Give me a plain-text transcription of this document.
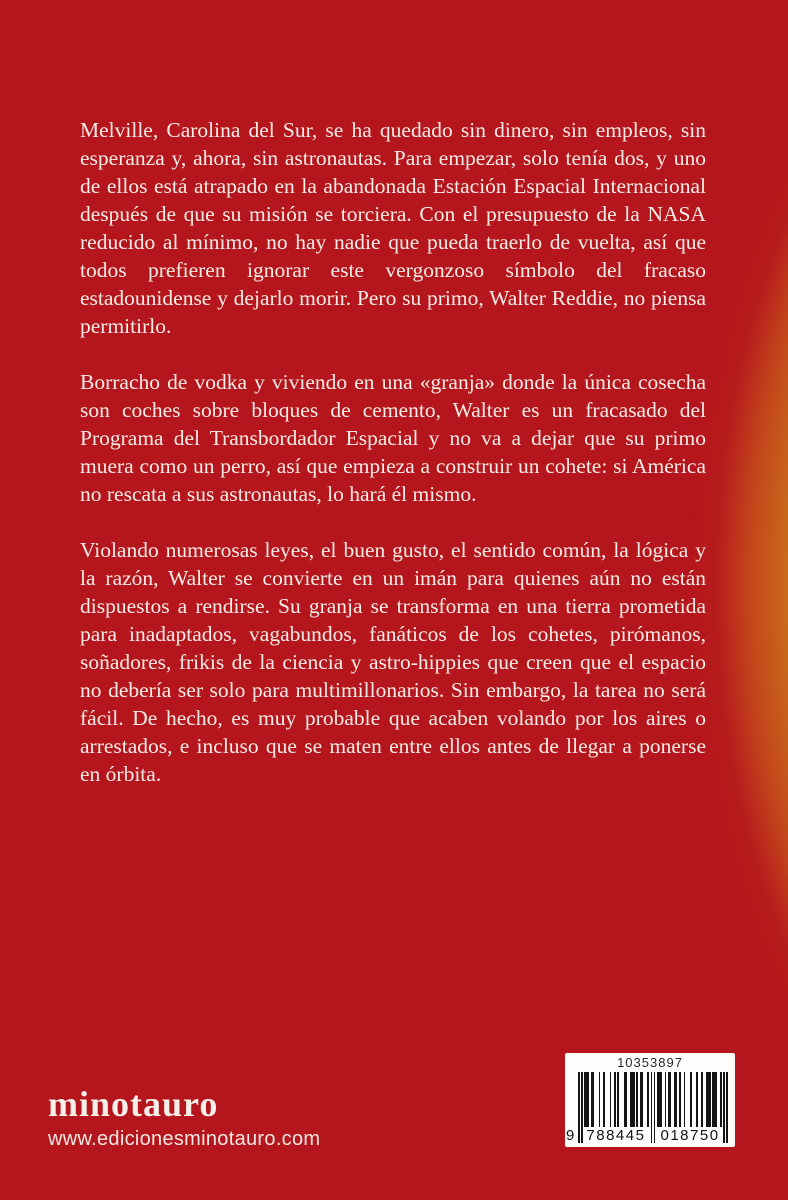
Melville, Carolina del Sur, se ha quedado sin dinero, sin empleos, sin esperanza y, ahora, sin astronautas. Para empezar, solo tenía dos, y uno de ellos está atrapado en la abandonada Estación Espacial Internacional después de que su misión se torciera. Con el presupuesto de la NASA reducido al mínimo, no hay nadie que pueda traerlo de vuelta, así que todos prefieren ignorar este vergonzoso símbolo del fracaso estadounidense y dejarlo morir. Pero su primo, Walter Reddie, no piensa permitirlo.

Borracho de vodka y viviendo en una «granja» donde la única cosecha son coches sobre bloques de cemento, Walter es un fracasado del Programa del Transbordador Espacial y no va a dejar que su primo muera como un perro, así que empieza a construir un cohete: si América no rescata a sus astronautas, lo hará él mismo.

Violando numerosas leyes, el buen gusto, el sentido común, la lógica y la razón, Walter se convierte en un imán para quienes aún no están dispuestos a rendirse. Su granja se transforma en una tierra prometida para inadaptados, vagabundos, fanáticos de los cohetes, pirómanos, soñadores, frikis de la ciencia y astro-hippies que creen que el espacio no debería ser solo para multimillonarios. Sin embargo, la tarea no será fácil. De hecho, es muy probable que acaben volando por los aires o arrestados, e incluso que se maten entre ellos antes de llegar a ponerse en órbita.

minotauro
www.edicionesminotauro.com
10353897
9 788445 018750
